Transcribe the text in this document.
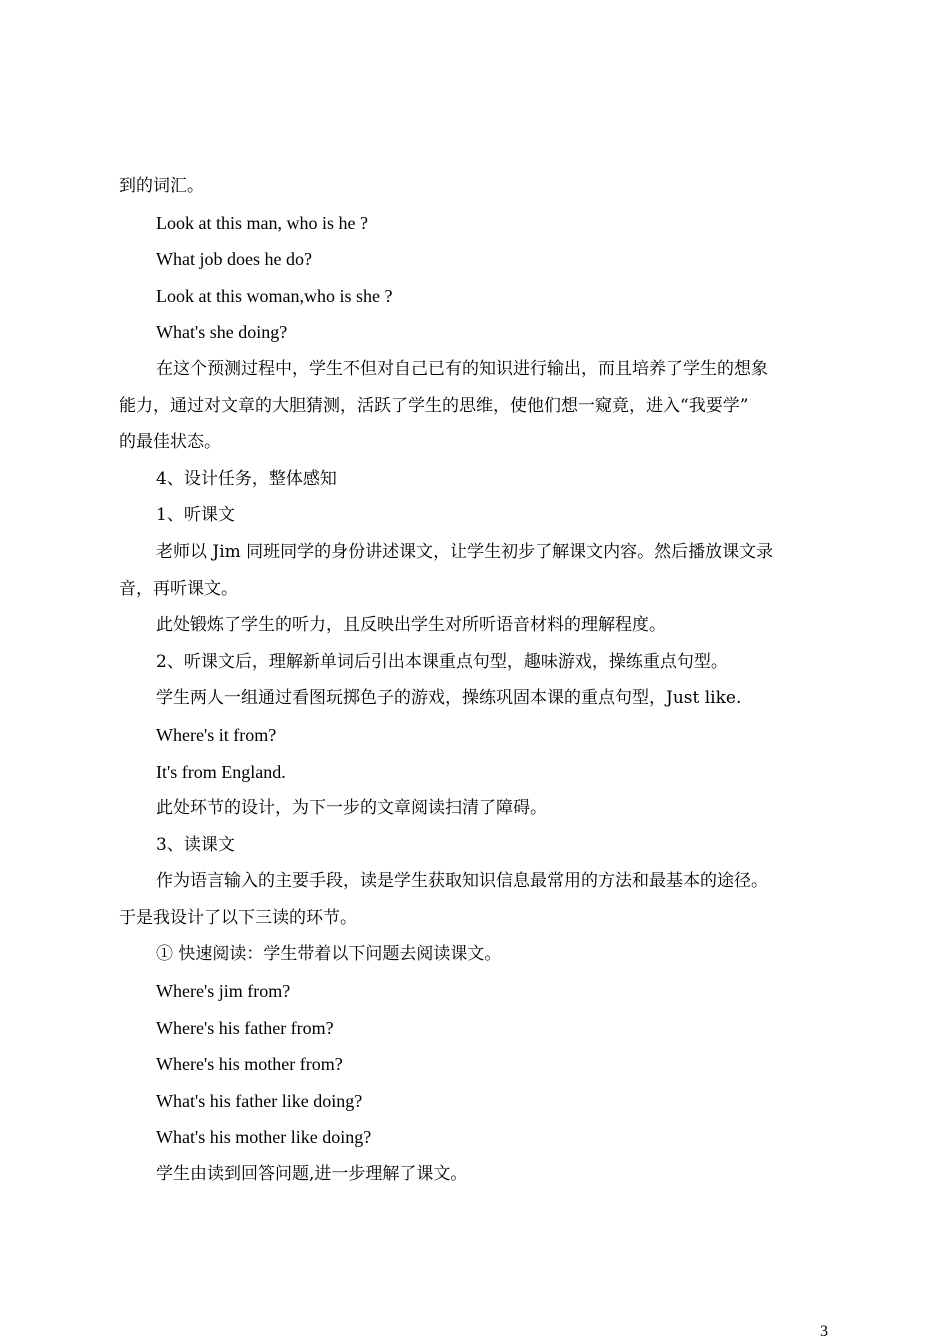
到的词汇。
Look at this man, who is he ?
What job does he do?
Look at this woman,who is she ?
What's she doing?
在这个预测过程中，学生不但对自己已有的知识进行输出，而且培养了学生的想象
能力，通过对文章的大胆猜测，活跃了学生的思维，使他们想一窥竟，进入“我要学”
的最佳状态。
4、设计任务，整体感知
1、听课文
老师以 Jim 同班同学的身份讲述课文，让学生初步了解课文内容。然后播放课文录
音，再听课文。
此处锻炼了学生的听力，且反映出学生对所听语音材料的理解程度。
2、听课文后，理解新单词后引出本课重点句型，趣味游戏，操练重点句型。
学生两人一组通过看图玩掷色子的游戏，操练巩固本课的重点句型，Just like.
Where's it from?
It's from England.
此处环节的设计，为下一步的文章阅读扫清了障碍。
3、读课文
作为语言输入的主要手段，读是学生获取知识信息最常用的方法和最基本的途径。
于是我设计了以下三读的环节。
① 快速阅读：学生带着以下问题去阅读课文。
Where's jim from?
Where's his father from?
Where's his mother from?
What's his father like doing?
What's his mother like doing?
学生由读到回答问题,进一步理解了课文。
3
